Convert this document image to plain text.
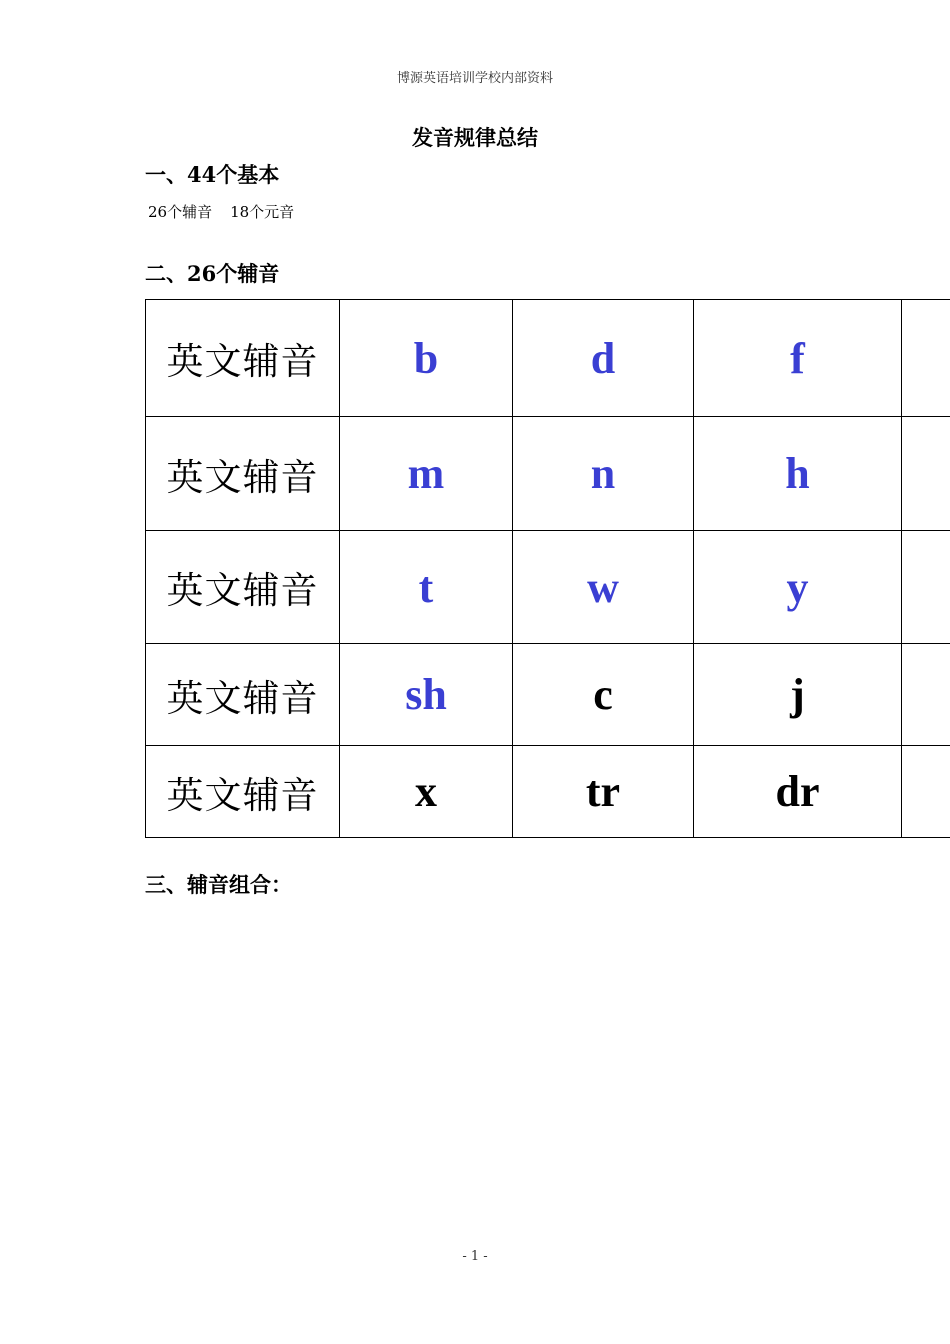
博源英语培训学校内部资料
发音规律总结
一、44个基本
26个辅音 18个元音
二、26个辅音
英文辅音	b	d	f	
英文辅音	m	n	h	
英文辅音	t	w	y	
英文辅音	sh	c	j	
英文辅音	x	tr	dr	
三、辅音组合：
- 1 -
